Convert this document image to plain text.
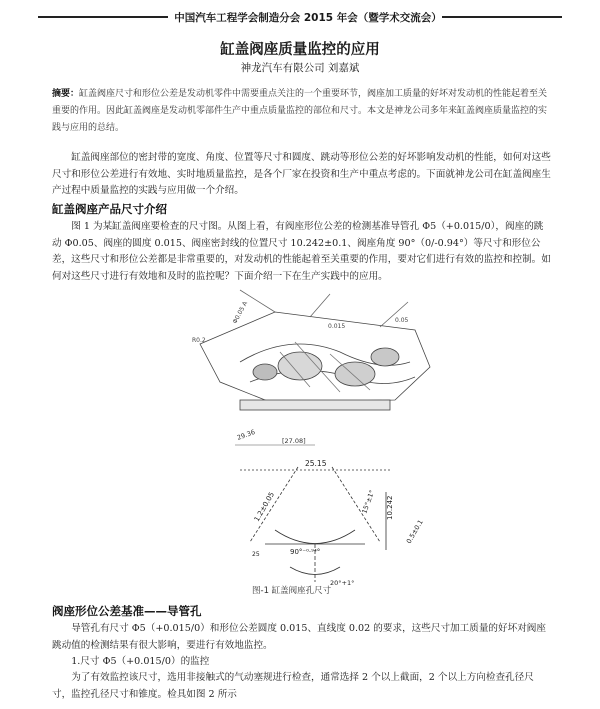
中国汽车工程学会制造分会 2015 年会（暨学术交流会）
缸盖阀座质量监控的应用
神龙汽车有限公司 刘嘉斌
摘要：缸盖阀座尺寸和形位公差是发动机零件中需要重点关注的一个重要环节，阀座加工质量的好坏对发动机的性能起着至关重要的作用。因此缸盖阀座是发动机零部件生产中重点质量监控的部位和尺寸。本文是神龙公司多年来缸盖阀座质量监控的实践与应用的总结。
缸盖阀座部位的密封带的宽度、角度、位置等尺寸和圆度、跳动等形位公差的好坏影响发动机的性能，如何对这些尺寸和形位公差进行有效地、实时地质量监控，是各个厂家在投资和生产中重点考虑的。下面就神龙公司在缸盖阀座生产过程中质量监控的实践与应用做一个介绍。
缸盖阀座产品尺寸介绍
图 1 为某缸盖阀座要检查的尺寸图。从图上看，有阀座形位公差的检测基准导管孔 Φ5（+0.015/0），阀座的跳动 Φ0.05、阀座的圆度 0.015、阀座密封线的位置尺寸 10.242±0.1、阀座角度 90°（0/-0.94°）等尺寸和形位公差，这些尺寸和形位公差都是非常重要的，对发动机的性能起着至关重要的作用，要对它们进行有效的监控和控制。如何对这些尺寸进行有效地和及时的监控呢？下面介绍一下在生产实践中的应用。
Φ0.05 A
0.015
0.05
R0.2
29.36	[27.08]
25.15
1.2±0.05	10.242
15°±1°
0.5±0.1
90°⁻⁰·⁹⁴°
20°+1°
25
图-1 缸盖阀座孔尺寸
阀座形位公差基准——导管孔
导管孔有尺寸 Φ5（+0.015/0）和形位公差圆度 0.015、直线度 0.02 的要求，这些尺寸加工质量的好坏对阀座跳动值的检测结果有很大影响，要进行有效地监控。
1.尺寸 Φ5（+0.015/0）的监控
为了有效监控该尺寸，选用非接触式的气动塞规进行检查，通常选择 2 个以上截面，2 个以上方向检查孔径尺寸，监控孔径尺寸和锥度。检具如图 2 所示
